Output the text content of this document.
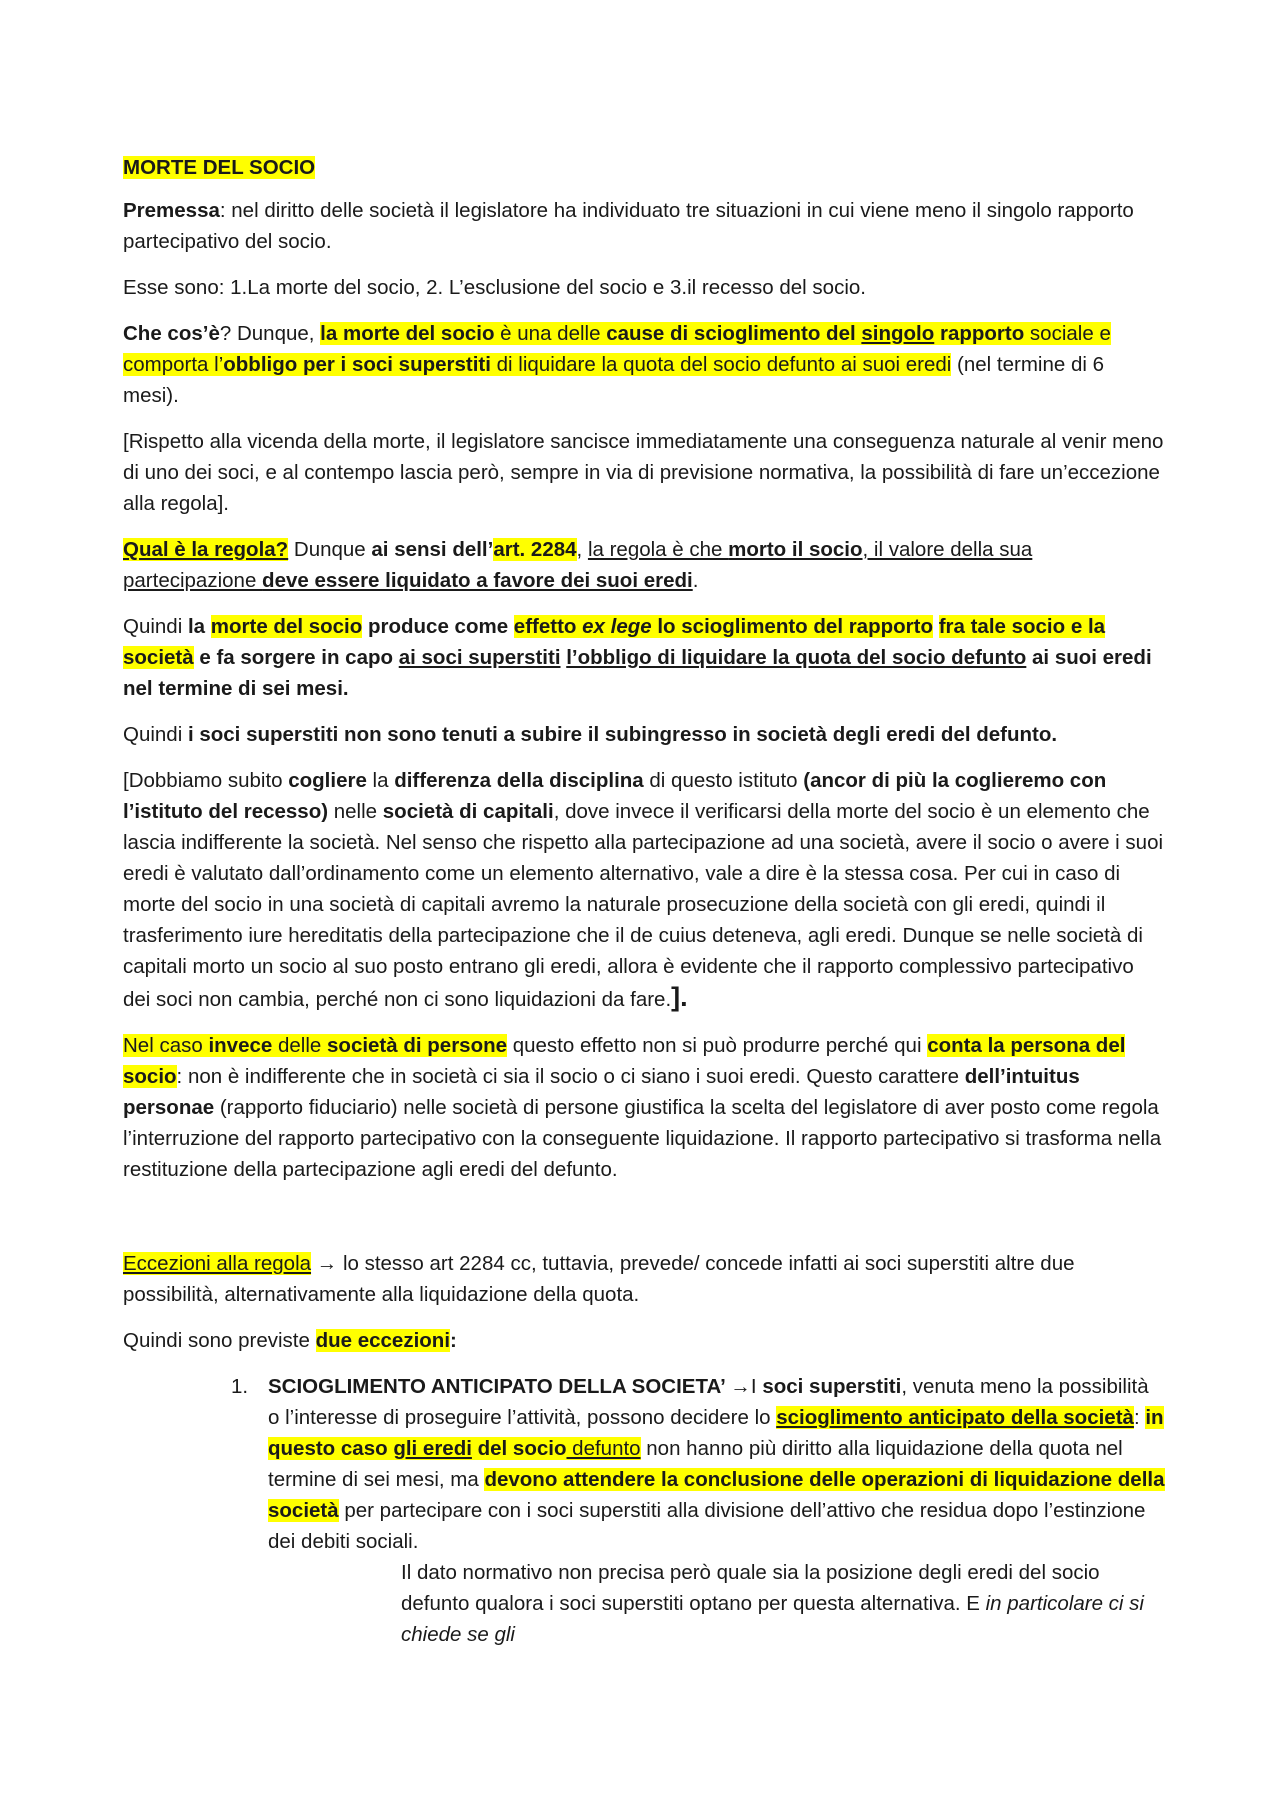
MORTE DEL SOCIO

Premessa: nel diritto delle società il legislatore ha individuato tre situazioni in cui viene meno il singolo rapporto partecipativo del socio.

Esse sono: 1.La morte del socio, 2. L’esclusione del socio e 3.il recesso del socio.

Che cos’è? Dunque, la morte del socio è una delle cause di scioglimento del singolo rapporto sociale e comporta l’obbligo per i soci superstiti di liquidare la quota del socio defunto ai suoi eredi (nel termine di 6 mesi).

[Rispetto alla vicenda della morte, il legislatore sancisce immediatamente una conseguenza naturale al venir meno di uno dei soci, e al contempo lascia però, sempre in via di previsione normativa, la possibilità di fare un’eccezione alla regola].

Qual è la regola? Dunque ai sensi dell’art. 2284, la regola è che morto il socio, il valore della sua partecipazione deve essere liquidato a favore dei suoi eredi.

Quindi la morte del socio produce come effetto ex lege lo scioglimento del rapporto fra tale socio e la società e fa sorgere in capo ai soci superstiti l’obbligo di liquidare la quota del socio defunto ai suoi eredi nel termine di sei mesi.

Quindi i soci superstiti non sono tenuti a subire il subingresso in società degli eredi del defunto.

[Dobbiamo subito cogliere la differenza della disciplina di questo istituto (ancor di più la coglieremo con l’istituto del recesso) nelle società di capitali, dove invece il verificarsi della morte del socio è un elemento che lascia indifferente la società. Nel senso che rispetto alla partecipazione ad una società, avere il socio o avere i suoi eredi è valutato dall’ordinamento come un elemento alternativo, vale a dire è la stessa cosa. Per cui in caso di morte del socio in una società di capitali avremo la naturale prosecuzione della società con gli eredi, quindi il trasferimento iure hereditatis della partecipazione che il de cuius deteneva, agli eredi. Dunque se nelle società di capitali morto un socio al suo posto entrano gli eredi, allora è evidente che il rapporto complessivo partecipativo dei soci non cambia, perché non ci sono liquidazioni da fare.].

Nel caso invece delle società di persone questo effetto non si può produrre perché qui conta la persona del socio: non è indifferente che in società ci sia il socio o ci siano i suoi eredi. Questo carattere dell’intuitus personae (rapporto fiduciario) nelle società di persone giustifica la scelta del legislatore di aver posto come regola l’interruzione del rapporto partecipativo con la conseguente liquidazione. Il rapporto partecipativo si trasforma nella restituzione della partecipazione agli eredi del defunto.

Eccezioni alla regola → lo stesso art 2284 cc, tuttavia, prevede/ concede infatti ai soci superstiti altre due possibilità, alternativamente alla liquidazione della quota.

Quindi sono previste due eccezioni:

1. SCIOGLIMENTO ANTICIPATO DELLA SOCIETA’ →I soci superstiti, venuta meno la possibilità o l’interesse di proseguire l’attività, possono decidere lo scioglimento anticipato della società: in questo caso gli eredi del socio defunto non hanno più diritto alla liquidazione della quota nel termine di sei mesi, ma devono attendere la conclusione delle operazioni di liquidazione della società per partecipare con i soci superstiti alla divisione dell’attivo che residua dopo l’estinzione dei debiti sociali.

Il dato normativo non precisa però quale sia la posizione degli eredi del socio defunto qualora i soci superstiti optano per questa alternativa. E in particolare ci si chiede se gli
